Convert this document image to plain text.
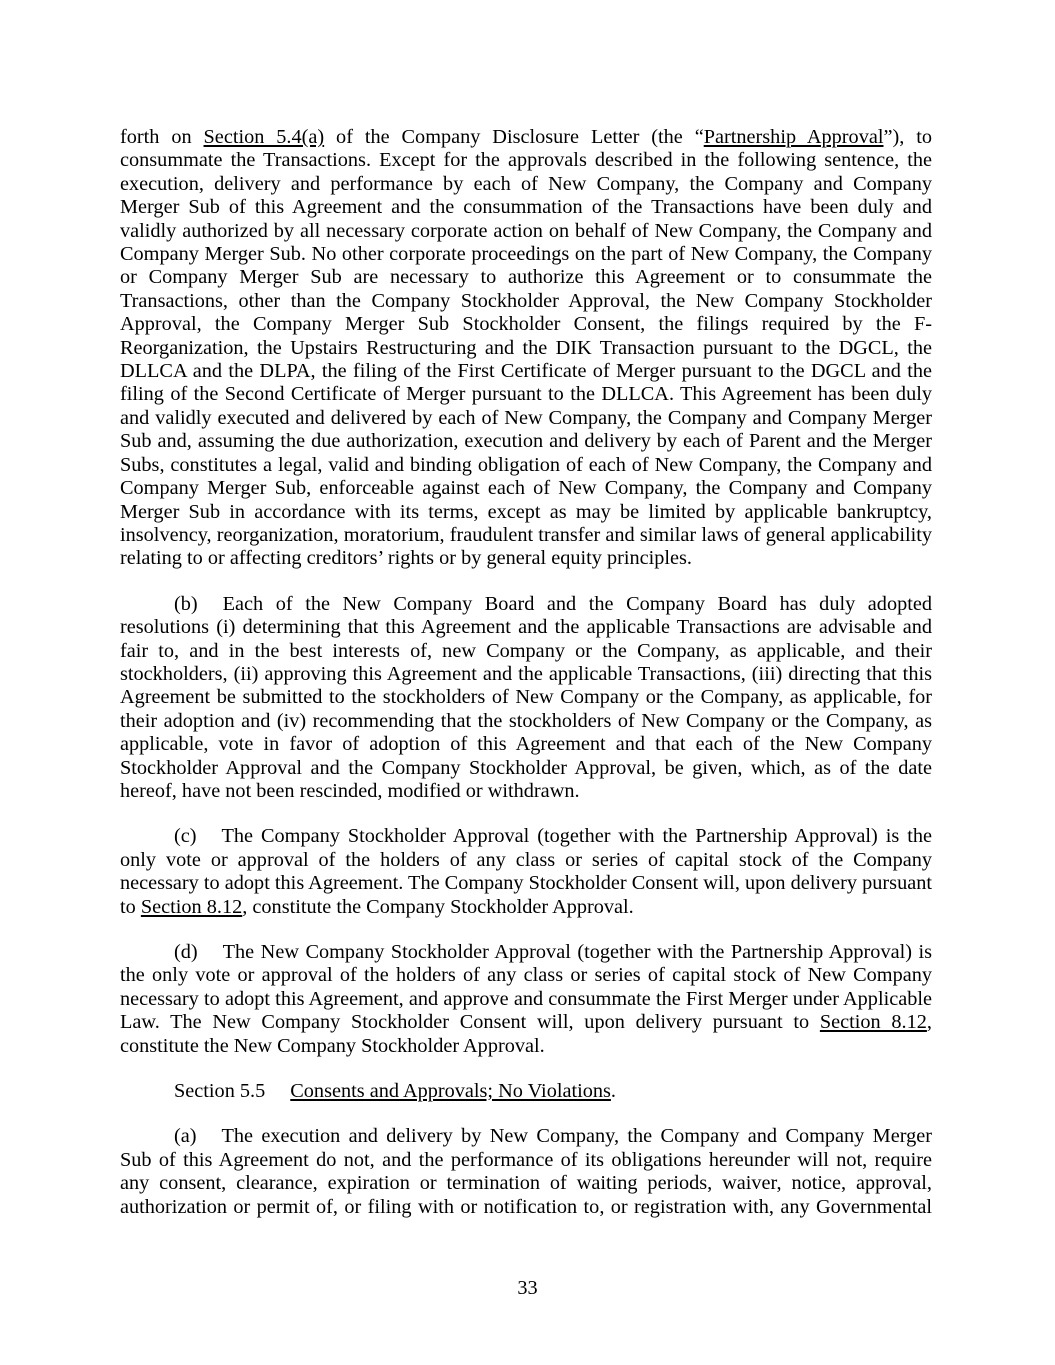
forth on Section 5.4(a) of the Company Disclosure Letter (the “Partnership Approval”), to consummate the Transactions. Except for the approvals described in the following sentence, the execution, delivery and performance by each of New Company, the Company and Company Merger Sub of this Agreement and the consummation of the Transactions have been duly and validly authorized by all necessary corporate action on behalf of New Company, the Company and Company Merger Sub. No other corporate proceedings on the part of New Company, the Company or Company Merger Sub are necessary to authorize this Agreement or to consummate the Transactions, other than the Company Stockholder Approval, the New Company Stockholder Approval, the Company Merger Sub Stockholder Consent, the filings required by the F-Reorganization, the Upstairs Restructuring and the DIK Transaction pursuant to the DGCL, the DLLCA and the DLPA, the filing of the First Certificate of Merger pursuant to the DGCL and the filing of the Second Certificate of Merger pursuant to the DLLCA. This Agreement has been duly and validly executed and delivered by each of New Company, the Company and Company Merger Sub and, assuming the due authorization, execution and delivery by each of Parent and the Merger Subs, constitutes a legal, valid and binding obligation of each of New Company, the Company and Company Merger Sub, enforceable against each of New Company, the Company and Company Merger Sub in accordance with its terms, except as may be limited by applicable bankruptcy, insolvency, reorganization, moratorium, fraudulent transfer and similar laws of general applicability relating to or affecting creditors’ rights or by general equity principles.

(b) Each of the New Company Board and the Company Board has duly adopted resolutions (i) determining that this Agreement and the applicable Transactions are advisable and fair to, and in the best interests of, new Company or the Company, as applicable, and their stockholders, (ii) approving this Agreement and the applicable Transactions, (iii) directing that this Agreement be submitted to the stockholders of New Company or the Company, as applicable, for their adoption and (iv) recommending that the stockholders of New Company or the Company, as applicable, vote in favor of adoption of this Agreement and that each of the New Company Stockholder Approval and the Company Stockholder Approval, be given, which, as of the date hereof, have not been rescinded, modified or withdrawn.

(c) The Company Stockholder Approval (together with the Partnership Approval) is the only vote or approval of the holders of any class or series of capital stock of the Company necessary to adopt this Agreement. The Company Stockholder Consent will, upon delivery pursuant to Section 8.12, constitute the Company Stockholder Approval.

(d) The New Company Stockholder Approval (together with the Partnership Approval) is the only vote or approval of the holders of any class or series of capital stock of New Company necessary to adopt this Agreement, and approve and consummate the First Merger under Applicable Law. The New Company Stockholder Consent will, upon delivery pursuant to Section 8.12, constitute the New Company Stockholder Approval.

Section 5.5 Consents and Approvals; No Violations.

(a) The execution and delivery by New Company, the Company and Company Merger Sub of this Agreement do not, and the performance of its obligations hereunder will not, require any consent, clearance, expiration or termination of waiting periods, waiver, notice, approval, authorization or permit of, or filing with or notification to, or registration with, any Governmental

33
